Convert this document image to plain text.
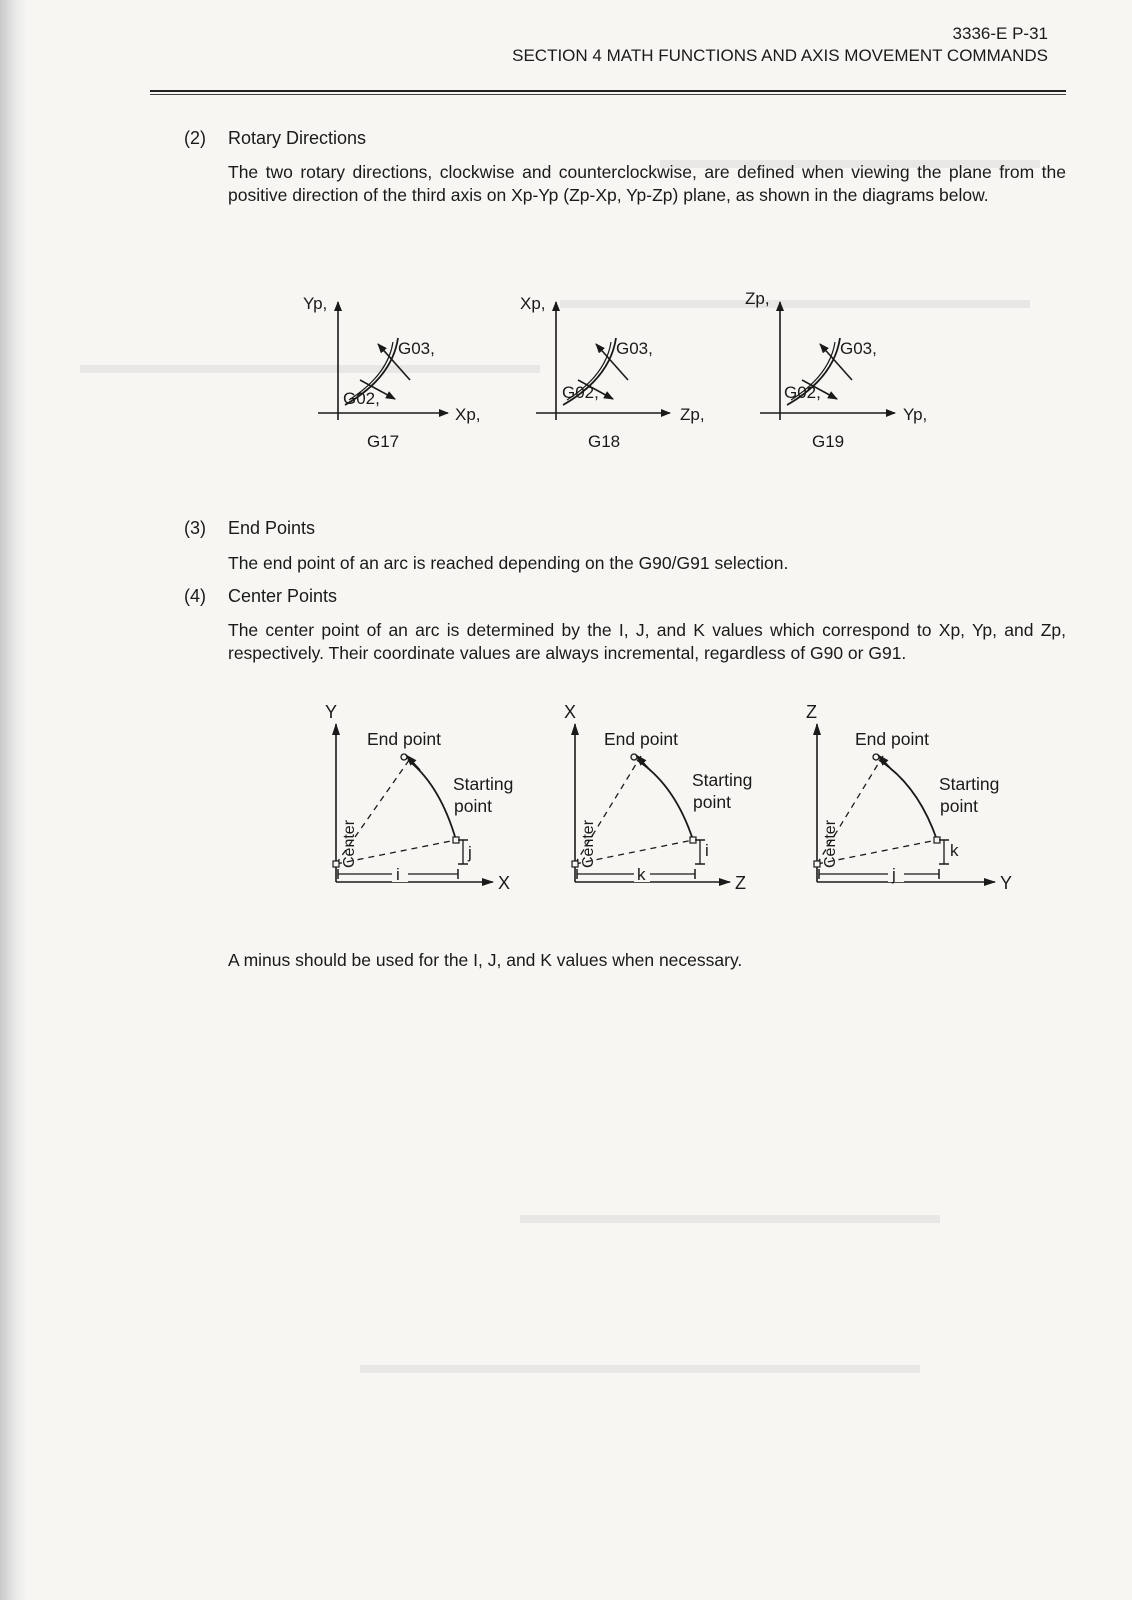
3336-E P-31
SECTION 4 MATH FUNCTIONS AND AXIS MOVEMENT COMMANDS
(2) Rotary Directions
The two rotary directions, clockwise and counterclockwise, are defined when viewing the plane from the positive direction of the third axis on Xp-Yp (Zp-Xp, Yp-Zp) plane, as shown in the diagrams below.
Yp,
Xp,
G03,
G02,
G17
Xp,
Zp,
G03,
G02,
G18
Zp,
Yp,
G03,
G02,
G19
(3) End Points
The end point of an arc is reached depending on the G90/G91 selection.
(4) Center Points
The center point of an arc is determined by the I, J, and K values which correspond to Xp, Yp, and Zp, respectively. Their coordinate values are always incremental, regardless of G90 or G91.
i
j
Y
X
End point
Starting
point
Center
k
i
X
Z
End point
Starting
point
Center
j
k
Z
Y
End point
Starting
point
Center
A minus should be used for the I, J, and K values when necessary.
